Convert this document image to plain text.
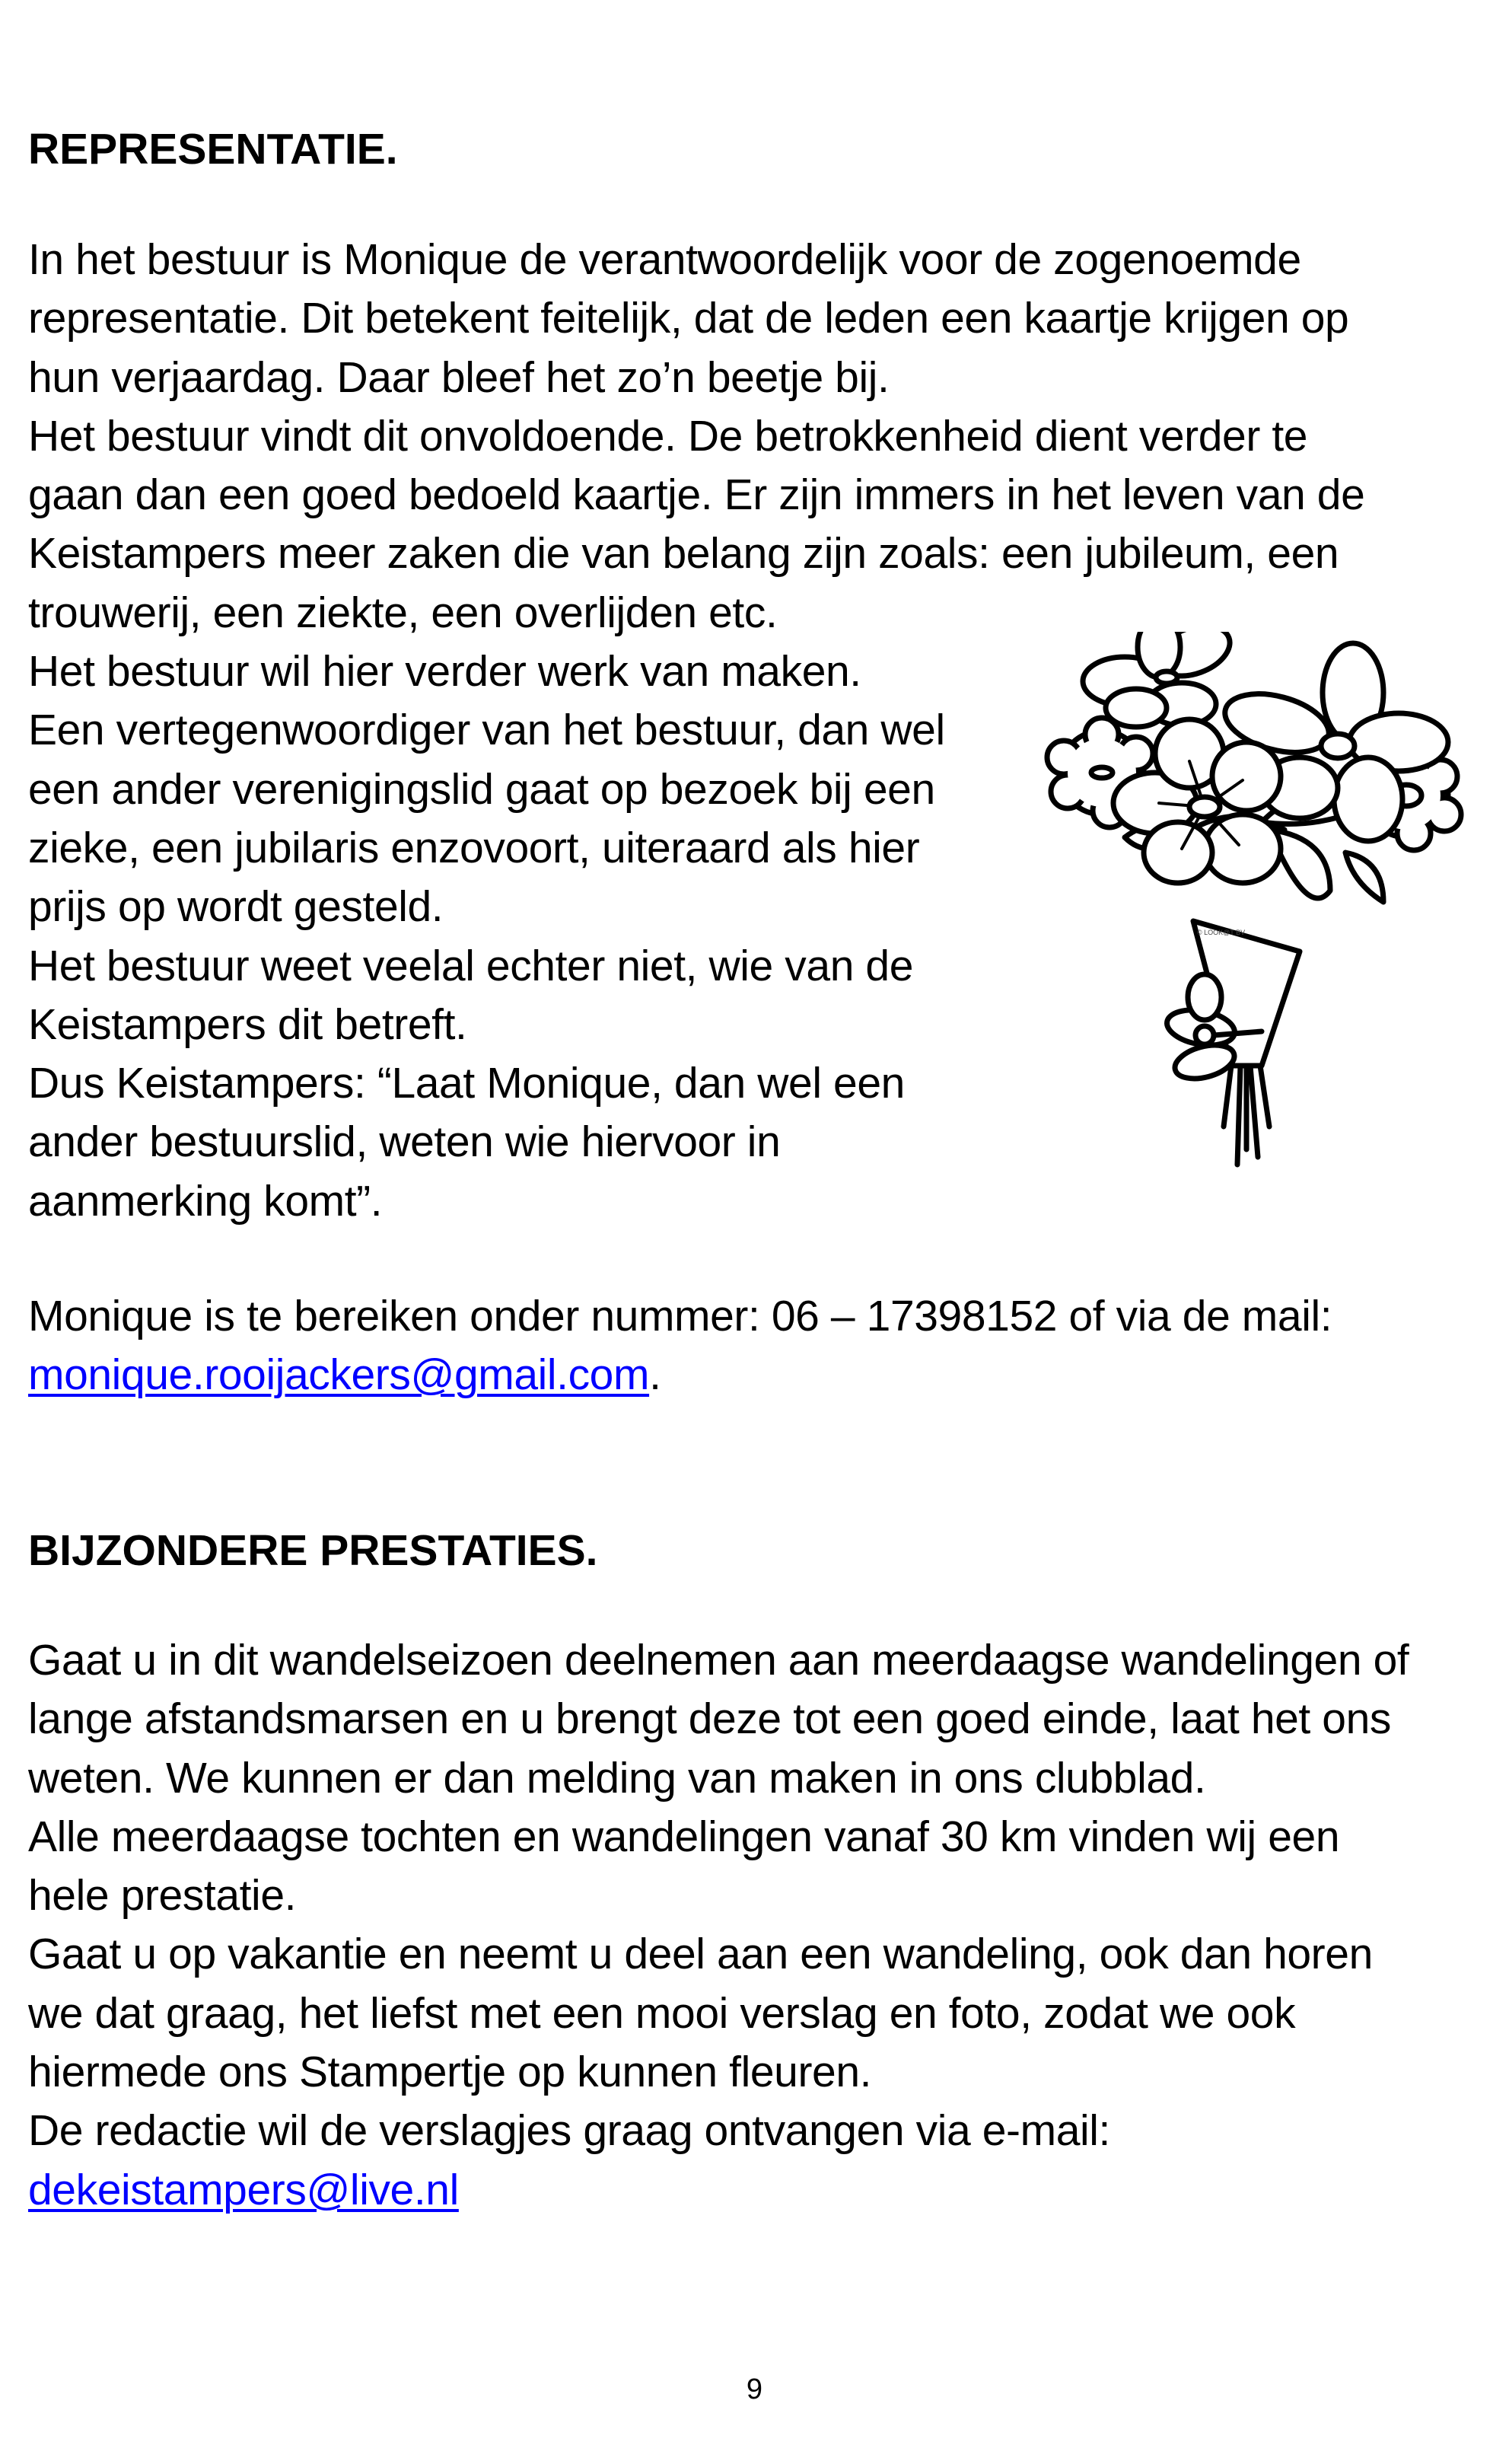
REPRESENTATIE.
In het bestuur is Monique de verantwoordelijk voor de zogenoemde
representatie. Dit betekent feitelijk, dat de leden een kaartje krijgen op
hun verjaardag. Daar bleef het zo’n beetje bij.
Het bestuur vindt dit onvoldoende. De betrokkenheid dient verder te
gaan dan een goed bedoeld kaartje. Er zijn immers in het leven van de
Keistampers meer zaken die van belang zijn zoals: een jubileum, een
trouwerij, een ziekte, een overlijden etc.
Het bestuur wil hier verder werk van maken.
Een vertegenwoordiger van het bestuur, dan wel
een ander verenigingslid gaat op bezoek bij een
zieke, een jubilaris enzovoort, uiteraard als hier
prijs op wordt gesteld.
Het bestuur weet veelal echter niet, wie van de
Keistampers dit betreft.
Dus Keistampers: “Laat Monique, dan wel een
ander bestuurslid, weten wie hiervoor in
aanmerking komt”.
Monique is te bereiken onder nummer: 06 – 17398152 of via de mail:
monique.rooijackers@gmail.com.
© LOOK@T BV
BIJZONDERE PRESTATIES.
Gaat u in dit wandelseizoen deelnemen aan meerdaagse wandelingen of
lange afstandsmarsen en u brengt deze tot een goed einde, laat het ons
weten. We kunnen er dan melding van maken in ons clubblad.
Alle meerdaagse tochten en wandelingen vanaf 30 km vinden wij een
hele prestatie.
Gaat u op vakantie en neemt u deel aan een wandeling, ook dan horen
we dat graag, het liefst met een mooi verslag en foto, zodat we ook
hiermede ons Stampertje op kunnen fleuren.
De redactie wil de verslagjes graag ontvangen via e-mail:
dekeistampers@live.nl
9
